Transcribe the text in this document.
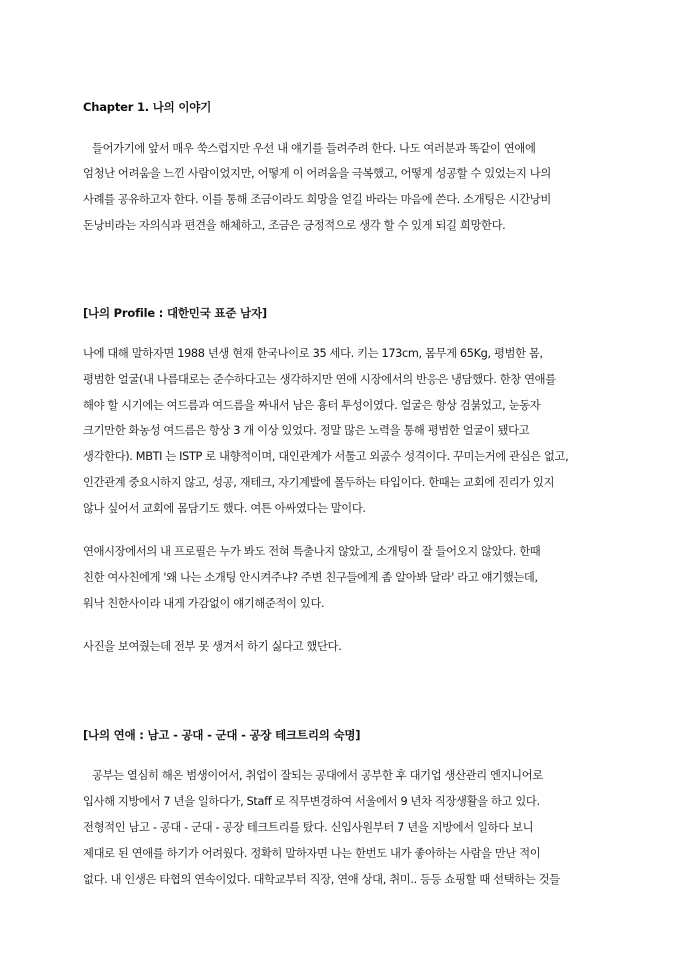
Chapter 1. 나의 이야기
들어가기에 앞서 매우 쑥스럽지만 우선 내 얘기를 들려주려 한다. 나도 여러분과 똑같이 연애에
엄청난 어려움을 느낀 사람이었지만, 어떻게 이 어려움을 극복했고, 어떻게 성공할 수 있었는지 나의
사례를 공유하고자 한다. 이를 통해 조금이라도 희망을 얻길 바라는 마음에 쓴다. 소개팅은 시간낭비
돈낭비라는 자의식과 편견을 해체하고, 조금은 긍정적으로 생각 할 수 있게 되길 희망한다.
[나의 Profile : 대한민국 표준 남자]
나에 대해 말하자면 1988 년생 현재 한국나이로 35 세다. 키는 173cm, 몸무게 65Kg, 평범한 몸,
평범한 얼굴(내 나름대로는 준수하다고는 생각하지만 연애 시장에서의 반응은 냉담했다. 한창 연애를
해야 할 시기에는 여드름과 여드름을 짜내서 남은 흉터 투성이였다. 얼굴은 항상 검붉었고, 눈동자
크기만한 화농성 여드름은 항상 3 개 이상 있었다. 정말 많은 노력을 통해 평범한 얼굴이 됐다고
생각한다). MBTI 는 ISTP 로 내향적이며, 대인관계가 서툴고 외곬수 성격이다. 꾸미는거에 관심은 없고,
인간관계 중요시하지 않고, 성공, 재테크, 자기계발에 몰두하는 타입이다. 한때는 교회에 진리가 있지
않나 싶어서 교회에 몸담기도 했다. 여튼 아싸였다는 말이다.
연애시장에서의 내 프로필은 누가 봐도 전혀 특출나지 않았고, 소개팅이 잘 들어오지 않았다. 한때
친한 여사친에게 '왜 나는 소개팅 안시켜주냐? 주변 친구들에게 좀 알아봐 달라' 라고 얘기했는데,
워낙 친한사이라 내게 가감없이 얘기해준적이 있다.
사진을 보여줬는데 전부 못 생겨서 하기 싫다고 했단다.
[나의 연애 : 남고 - 공대 - 군대 - 공장 테크트리의 숙명]
공부는 열심히 해온 범생이어서, 취업이 잘되는 공대에서 공부한 후 대기업 생산관리 엔지니어로
입사해 지방에서 7 년을 일하다가, Staff 로 직무변경하여 서울에서 9 년차 직장생활을 하고 있다.
전형적인 남고 - 공대 - 군대 - 공장 테크트리를 탔다. 신입사원부터 7 년을 지방에서 일하다 보니
제대로 된 연애를 하기가 어려웠다. 정확히 말하자면 나는 한번도 내가 좋아하는 사람을 만난 적이
없다. 내 인생은 타협의 연속이었다. 대학교부터 직장, 연애 상대, 취미.. 등등 쇼핑할 때 선택하는 것들
